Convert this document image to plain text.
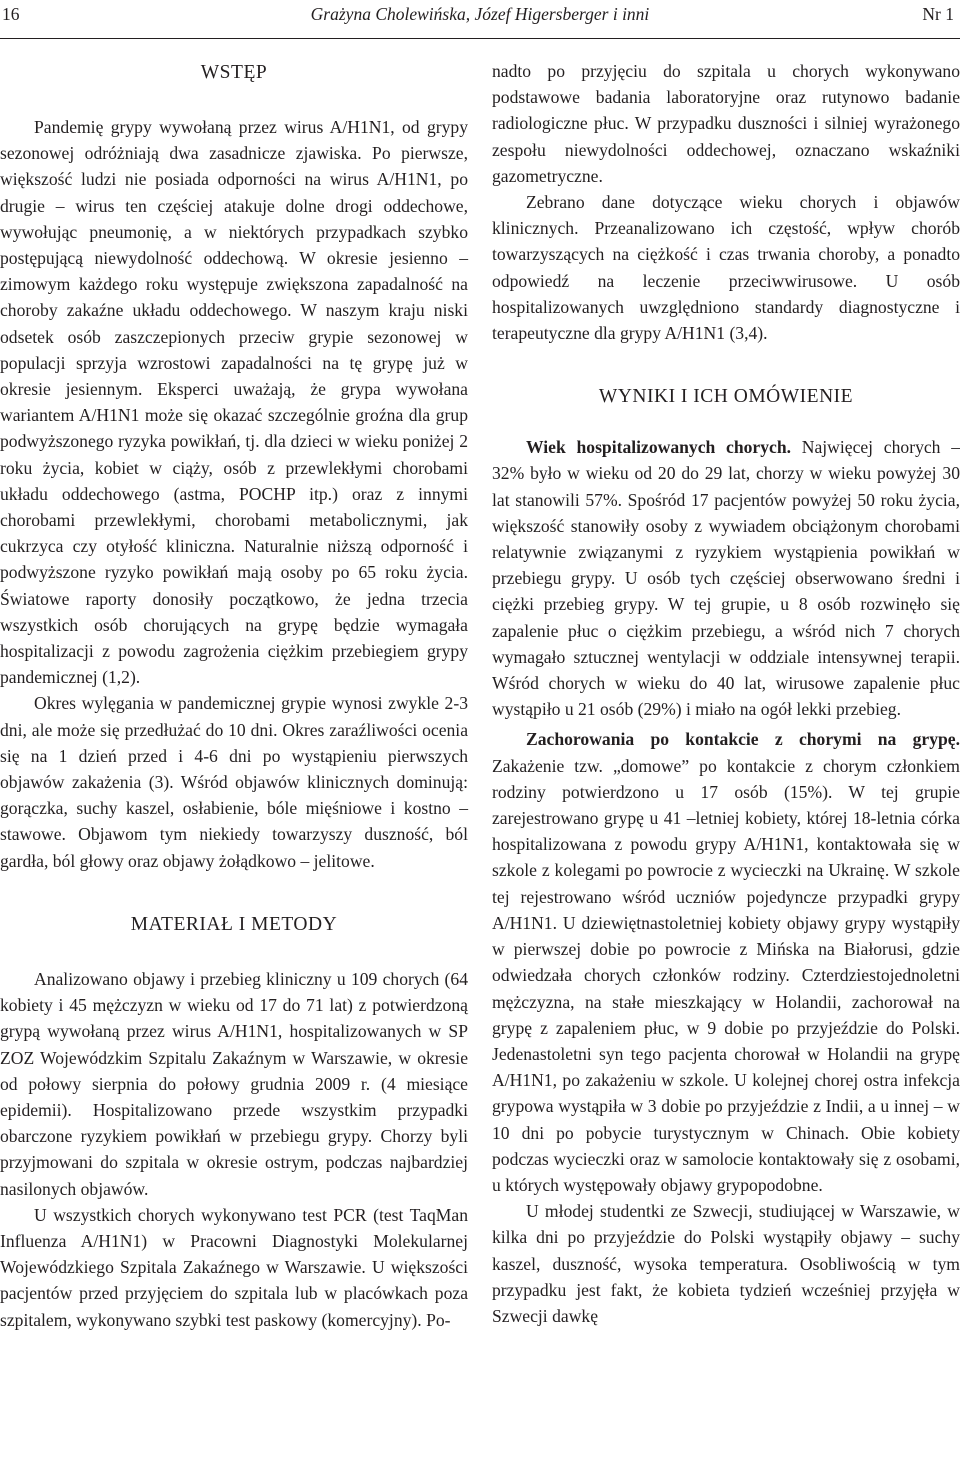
16	Grażyna Cholewińska, Józef Higersberger i inni	Nr 1
WSTĘP

Pandemię grypy wywołaną przez wirus A/H1N1, od grypy sezonowej odróżniają dwa zasadnicze zjawiska. Po pierwsze, większość ludzi nie posiada odporności na wirus A/H1N1, po drugie – wirus ten częściej atakuje dolne drogi oddechowe, wywołując pneumonię, a w niektórych przypadkach szybko postępującą niewydolność oddechową. W okresie jesienno – zimowym każdego roku występuje zwiększona zapadalność na choroby zakaźne układu oddechowego. W naszym kraju niski odsetek osób zaszczepionych przeciw grypie sezonowej w populacji sprzyja wzrostowi zapadalności na tę grypę już w okresie jesiennym. Eksperci uważają, że grypa wywołana wariantem A/H1N1 może się okazać szczególnie groźna dla grup podwyższonego ryzyka powikłań, tj. dla dzieci w wieku poniżej 2 roku życia, kobiet w ciąży, osób z przewlekłymi chorobami układu oddechowego (astma, POCHP itp.) oraz z innymi chorobami przewlekłymi, chorobami metabolicznymi, jak cukrzyca czy otyłość kliniczna. Naturalnie niższą odporność i podwyższone ryzyko powikłań mają osoby po 65 roku życia. Światowe raporty donosiły początkowo, że jedna trzecia wszystkich osób chorujących na grypę będzie wymagała hospitalizacji z powodu zagrożenia ciężkim przebiegiem grypy pandemicznej (1,2).

Okres wylęgania w pandemicznej grypie wynosi zwykle 2-3 dni, ale może się przedłużać do 10 dni. Okres zaraźliwości ocenia się na 1 dzień przed i 4-6 dni po wystąpieniu pierwszych objawów zakażenia (3). Wśród objawów klinicznych dominują: gorączka, suchy kaszel, osłabienie, bóle mięśniowe i kostno – stawowe. Objawom tym niekiedy towarzyszy duszność, ból gardła, ból głowy oraz objawy żołądkowo – jelitowe.

MATERIAŁ I METODY

Analizowano objawy i przebieg kliniczny u 109 chorych (64 kobiety i 45 mężczyzn w wieku od 17 do 71 lat) z potwierdzoną grypą wywołaną przez wirus A/H1N1, hospitalizowanych w SP ZOZ Wojewódzkim Szpitalu Zakaźnym w Warszawie, w okresie od połowy sierpnia do połowy grudnia 2009 r. (4 miesiące epidemii). Hospitalizowano przede wszystkim przypadki obarczone ryzykiem powikłań w przebiegu grypy. Chorzy byli przyjmowani do szpitala w okresie ostrym, podczas najbardziej nasilonych objawów.

U wszystkich chorych wykonywano test PCR (test TaqMan Influenza A/H1N1) w Pracowni Diagnostyki Molekularnej Wojewódzkiego Szpitala Zakaźnego w Warszawie. U większości pacjentów przed przyjęciem do szpitala lub w placówkach poza szpitalem, wykonywano szybki test paskowy (komercyjny). Po-

nadto po przyjęciu do szpitala u chorych wykonywano podstawowe badania laboratoryjne oraz rutynowo badanie radiologiczne płuc. W przypadku duszności i silniej wyrażonego zespołu niewydolności oddechowej, oznaczano wskaźniki gazometryczne.

Zebrano dane dotyczące wieku chorych i objawów klinicznych. Przeanalizowano ich częstość, wpływ chorób towarzyszących na ciężkość i czas trwania choroby, a ponadto odpowiedź na leczenie przeciwwirusowe. U osób hospitalizowanych uwzględniono standardy diagnostyczne i terapeutyczne dla grypy A/H1N1 (3,4).

WYNIKI I ICH OMÓWIENIE

Wiek hospitalizowanych chorych. Najwięcej chorych – 32% było w wieku od 20 do 29 lat, chorzy w wieku powyżej 30 lat stanowili 57%. Spośród 17 pacjentów powyżej 50 roku życia, większość stanowiły osoby z wywiadem obciążonym chorobami relatywnie związanymi z ryzykiem wystąpienia powikłań w przebiegu grypy. U osób tych częściej obserwowano średni i ciężki przebieg grypy. W tej grupie, u 8 osób rozwinęło się zapalenie płuc o ciężkim przebiegu, a wśród nich 7 chorych wymagało sztucznej wentylacji w oddziale intensywnej terapii. Wśród chorych w wieku do 40 lat, wirusowe zapalenie płuc wystąpiło u 21 osób (29%) i miało na ogół lekki przebieg.

Zachorowania po kontakcie z chorymi na grypę. Zakażenie tzw. „domowe” po kontakcie z chorym członkiem rodziny potwierdzono u 17 osób (15%). W tej grupie zarejestrowano grypę u 41 –letniej kobiety, której 18-letnia córka hospitalizowana z powodu grypy A/H1N1, kontaktowała się w szkole z kolegami po powrocie z wycieczki na Ukrainę. W szkole tej rejestrowano wśród uczniów pojedyncze przypadki grypy A/H1N1. U dziewiętnastoletniej kobiety objawy grypy wystąpiły w pierwszej dobie po powrocie z Mińska na Białorusi, gdzie odwiedzała chorych członków rodziny. Czterdziestojednoletni mężczyzna, na stałe mieszkający w Holandii, zachorował na grypę z zapaleniem płuc, w 9 dobie po przyjeździe do Polski. Jedenastoletni syn tego pacjenta chorował w Holandii na grypę A/H1N1, po zakażeniu w szkole. U kolejnej chorej ostra infekcja grypowa wystąpiła w 3 dobie po przyjeździe z Indii, a u innej – w 10 dni po pobycie turystycznym w Chinach. Obie kobiety podczas wycieczki oraz w samolocie kontaktowały się z osobami, u których występowały objawy grypopodobne.

U młodej studentki ze Szwecji, studiującej w Warszawie, w kilka dni po przyjeździe do Polski wystąpiły objawy – suchy kaszel, duszność, wysoka temperatura. Osobliwością w tym przypadku jest fakt, że kobieta tydzień wcześniej przyjęła w Szwecji dawkę
